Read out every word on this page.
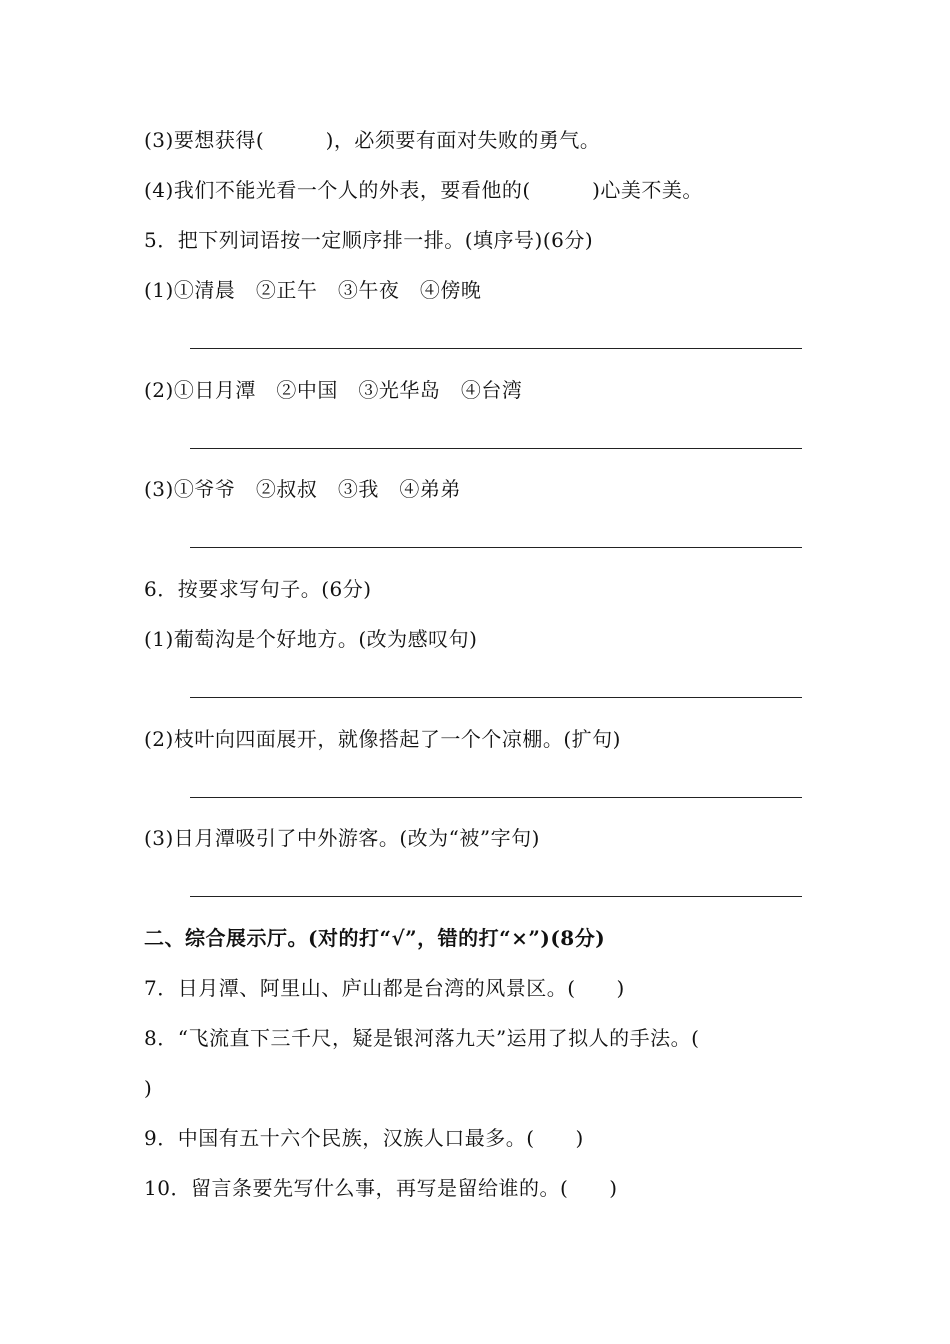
(3)要想获得(　　　)，必须要有面对失败的勇气。
(4)我们不能光看一个人的外表，要看他的(　　　)心美不美。
5．把下列词语按一定顺序排一排。(填序号)(6分)
(1)①清晨　②正午　③午夜　④傍晚
(2)①日月潭　②中国　③光华岛　④台湾
(3)①爷爷　②叔叔　③我　④弟弟
6．按要求写句子。(6分)
(1)葡萄沟是个好地方。(改为感叹句)
(2)枝叶向四面展开，就像搭起了一个个凉棚。(扩句)
(3)日月潭吸引了中外游客。(改为“被”字句)
二、综合展示厅。(对的打“√”，错的打“×”)(8分)
7．日月潭、阿里山、庐山都是台湾的风景区。(　　)
8．“飞流直下三千尺，疑是银河落九天”运用了拟人的手法。(
)
9．中国有五十六个民族，汉族人口最多。(　　)
10．留言条要先写什么事，再写是留给谁的。(　　)
